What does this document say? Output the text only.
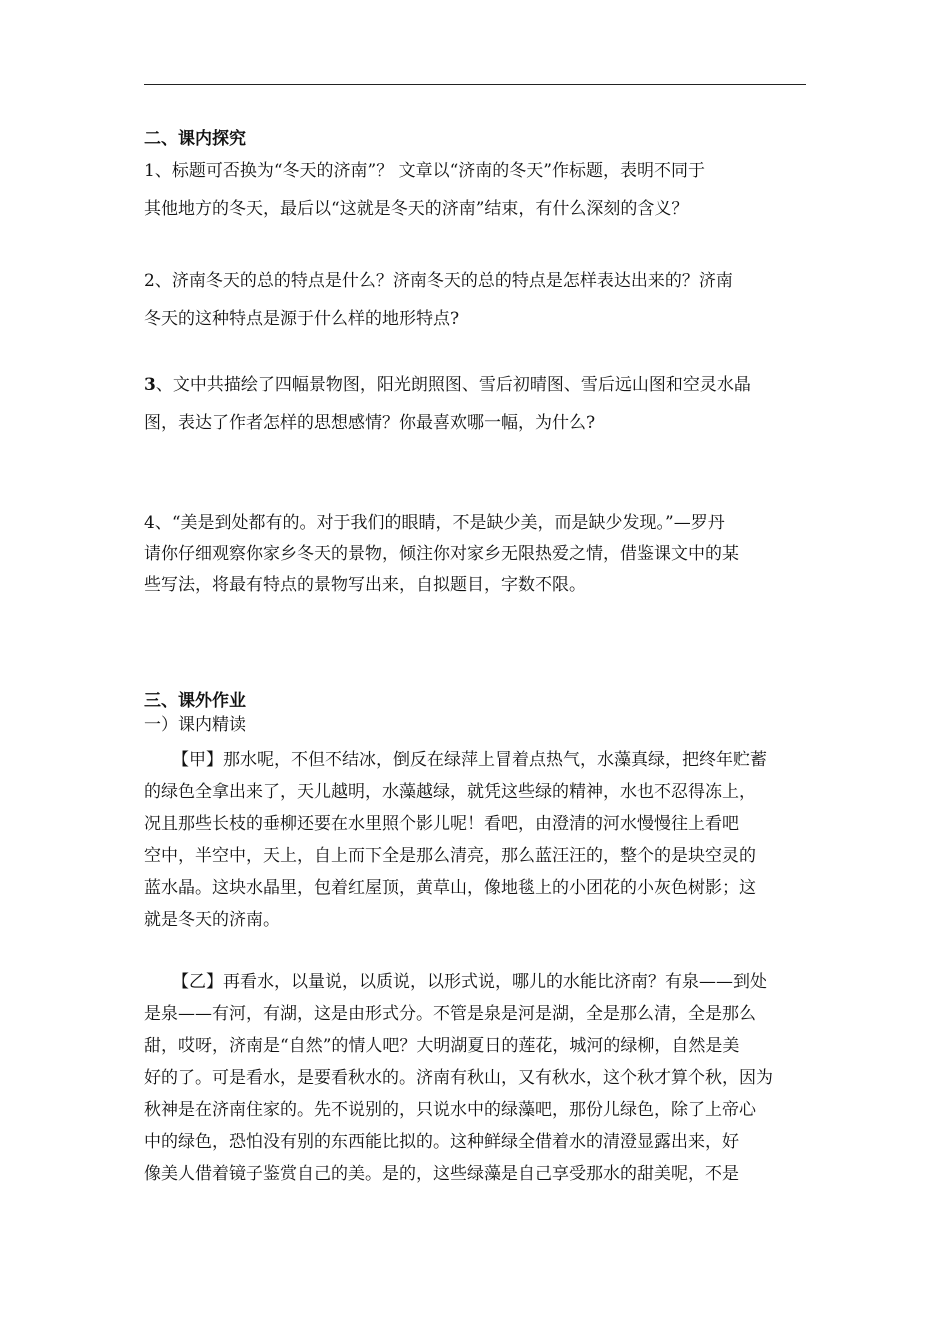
二、课内探究
1、标题可否换为“冬天的济南”？ 文章以“济南的冬天”作标题，表明不同于
其他地方的冬天，最后以“这就是冬天的济南”结束，有什么深刻的含义？
2、济南冬天的总的特点是什么？济南冬天的总的特点是怎样表达出来的？济南
冬天的这种特点是源于什么样的地形特点?
3、文中共描绘了四幅景物图，阳光朗照图、雪后初晴图、雪后远山图和空灵水晶
图，表达了作者怎样的思想感情？你最喜欢哪一幅，为什么?
4、“美是到处都有的。对于我们的眼睛，不是缺少美，而是缺少发现。”—罗丹
请你仔细观察你家乡冬天的景物，倾注你对家乡无限热爱之情，借鉴课文中的某
些写法，将最有特点的景物写出来，自拟题目，字数不限。
三、课外作业
一）课内精读
【甲】那水呢，不但不结冰，倒反在绿萍上冒着点热气，水藻真绿，把终年贮蓄
的绿色全拿出来了，天儿越明，水藻越绿，就凭这些绿的精神，水也不忍得冻上，
况且那些长枝的垂柳还要在水里照个影儿呢！看吧，由澄清的河水慢慢往上看吧
空中，半空中，天上，自上而下全是那么清亮，那么蓝汪汪的，整个的是块空灵的
蓝水晶。这块水晶里，包着红屋顶，黄草山，像地毯上的小团花的小灰色树影；这
就是冬天的济南。
【乙】再看水，以量说，以质说，以形式说，哪儿的水能比济南？有泉——到处
是泉——有河，有湖，这是由形式分。不管是泉是河是湖，全是那么清，全是那么
甜，哎呀，济南是“自然”的情人吧？大明湖夏日的莲花，城河的绿柳，自然是美
好的了。可是看水，是要看秋水的。济南有秋山，又有秋水，这个秋才算个秋，因为
秋神是在济南住家的。先不说别的，只说水中的绿藻吧，那份儿绿色，除了上帝心
中的绿色，恐怕没有别的东西能比拟的。这种鲜绿全借着水的清澄显露出来，好
像美人借着镜子鉴赏自己的美。是的，这些绿藻是自己享受那水的甜美呢，不是
